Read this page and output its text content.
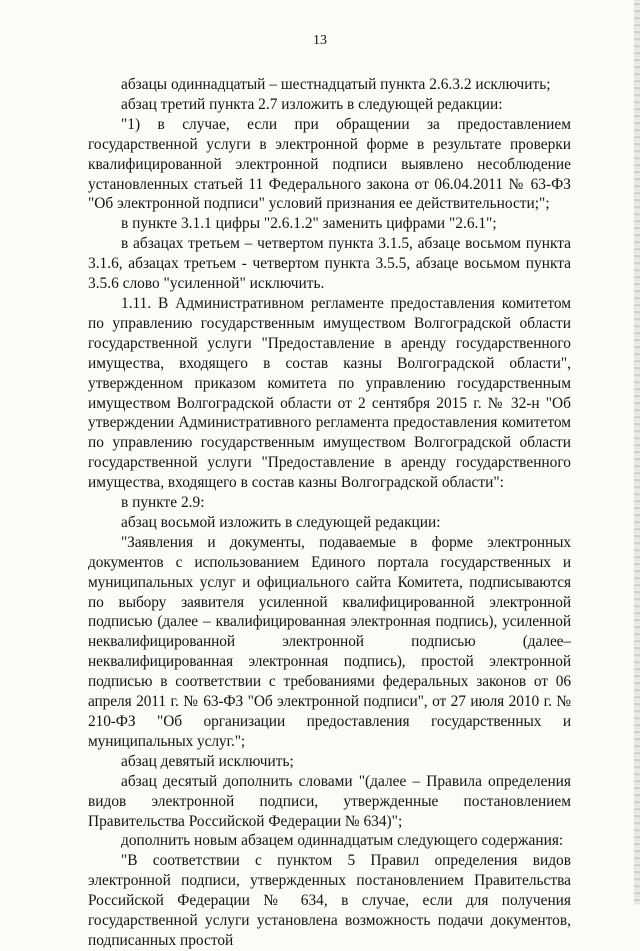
13

абзацы одиннадцатый – шестнадцатый пункта 2.6.3.2 исключить;

абзац третий пункта 2.7 изложить в следующей редакции:

"1) в случае, если при обращении за предоставлением государственной услуги в электронной форме в результате проверки квалифицированной электронной подписи выявлено несоблюдение установленных статьей 11 Федерального закона от 06.04.2011 № 63-ФЗ "Об электронной подписи" условий признания ее действительности;";

в пункте 3.1.1 цифры "2.6.1.2" заменить цифрами "2.6.1";

в абзацах третьем – четвертом пункта 3.1.5, абзаце восьмом пункта 3.1.6, абзацах третьем - четвертом пункта 3.5.5, абзаце восьмом пункта 3.5.6 слово "усиленной" исключить.

1.11. В Административном регламенте предоставления комитетом по управлению государственным имуществом Волгоградской области государственной услуги "Предоставление в аренду государственного имущества, входящего в состав казны Волгоградской области", утвержденном приказом комитета по управлению государственным имуществом Волгоградской области от 2 сентября 2015 г. № 32-н "Об утверждении Административного регламента предоставления комитетом по управлению государственным имуществом Волгоградской области государственной услуги "Предоставление в аренду государственного имущества, входящего в состав казны Волгоградской области":

в пункте 2.9:

абзац восьмой изложить в следующей редакции:

"Заявления и документы, подаваемые в форме электронных документов с использованием Единого портала государственных и муниципальных услуг и официального сайта Комитета, подписываются по выбору заявителя усиленной квалифицированной электронной подписью (далее – квалифицированная электронная подпись), усиленной неквалифицированной электронной подписью (далее– неквалифицированная электронная подпись), простой электронной подписью в соответствии с требованиями федеральных законов от 06 апреля 2011 г. № 63-ФЗ "Об электронной подписи", от 27 июля 2010 г. № 210-ФЗ "Об организации предоставления государственных и муниципальных услуг.";

абзац девятый исключить;

абзац десятый дополнить словами "(далее – Правила определения видов электронной подписи, утвержденные постановлением Правительства Российской Федерации № 634)";

дополнить новым абзацем одиннадцатым следующего содержания:

"В соответствии с пунктом 5 Правил определения видов электронной подписи, утвержденных постановлением Правительства Российской Федерации № 634, в случае, если для получения государственной услуги установлена возможность подачи документов, подписанных простой
